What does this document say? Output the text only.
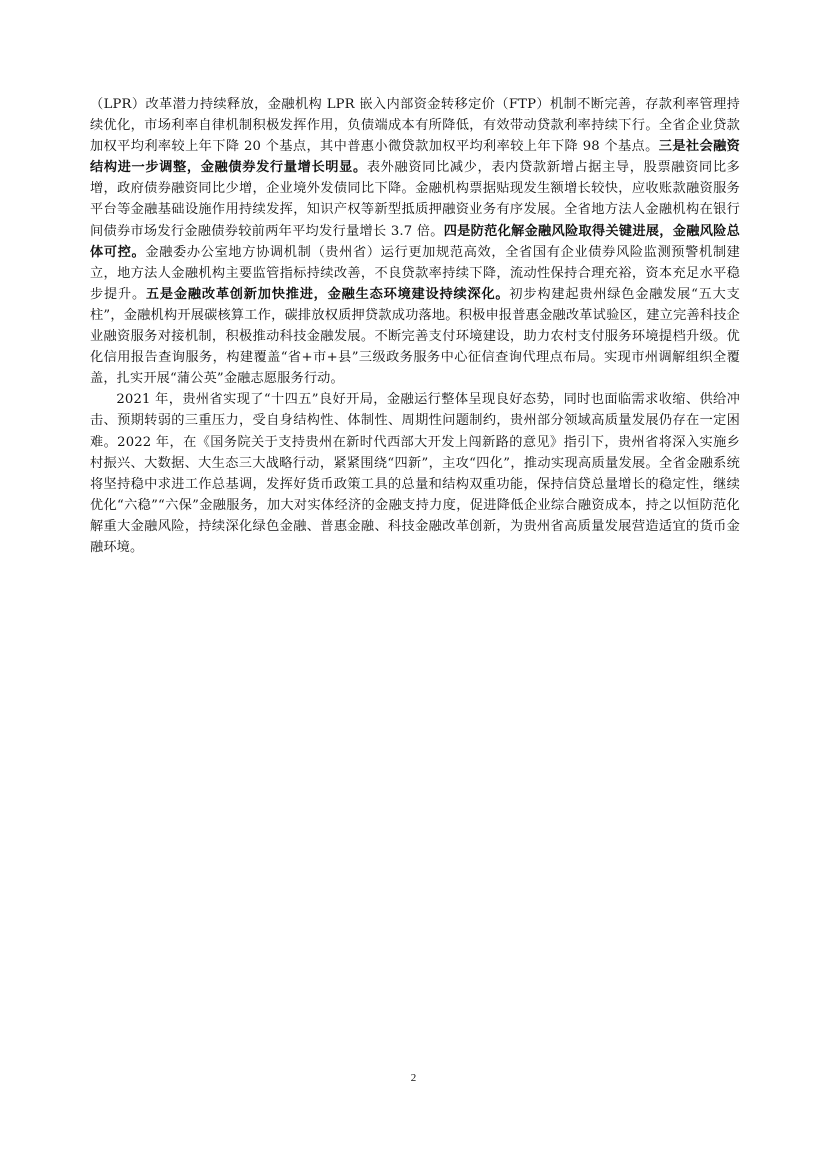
（LPR）改革潜力持续释放，金融机构 LPR 嵌入内部资金转移定价（FTP）机制不断完善，存款利率管理持续优化，市场利率自律机制积极发挥作用，负债端成本有所降低，有效带动贷款利率持续下行。全省企业贷款加权平均利率较上年下降 20 个基点，其中普惠小微贷款加权平均利率较上年下降 98 个基点。三是社会融资结构进一步调整，金融债券发行量增长明显。表外融资同比减少，表内贷款新增占据主导，股票融资同比多增，政府债券融资同比少增，企业境外发债同比下降。金融机构票据贴现发生额增长较快，应收账款融资服务平台等金融基础设施作用持续发挥，知识产权等新型抵质押融资业务有序发展。全省地方法人金融机构在银行间债券市场发行金融债券较前两年平均发行量增长 3.7 倍。四是防范化解金融风险取得关键进展，金融风险总体可控。金融委办公室地方协调机制（贵州省）运行更加规范高效，全省国有企业债券风险监测预警机制建立，地方法人金融机构主要监管指标持续改善，不良贷款率持续下降，流动性保持合理充裕，资本充足水平稳步提升。五是金融改革创新加快推进，金融生态环境建设持续深化。初步构建起贵州绿色金融发展“五大支柱”，金融机构开展碳核算工作，碳排放权质押贷款成功落地。积极申报普惠金融改革试验区，建立完善科技企业融资服务对接机制，积极推动科技金融发展。不断完善支付环境建设，助力农村支付服务环境提档升级。优化信用报告查询服务，构建覆盖“省+市+县”三级政务服务中心征信查询代理点布局。实现市州调解组织全覆盖，扎实开展“蒲公英”金融志愿服务行动。

2021 年，贵州省实现了“十四五”良好开局，金融运行整体呈现良好态势，同时也面临需求收缩、供给冲击、预期转弱的三重压力，受自身结构性、体制性、周期性问题制约，贵州部分领域高质量发展仍存在一定困难。2022 年，在《国务院关于支持贵州在新时代西部大开发上闯新路的意见》指引下，贵州省将深入实施乡村振兴、大数据、大生态三大战略行动，紧紧围绕“四新”，主攻“四化”，推动实现高质量发展。全省金融系统将坚持稳中求进工作总基调，发挥好货币政策工具的总量和结构双重功能，保持信贷总量增长的稳定性，继续优化“六稳”“六保”金融服务，加大对实体经济的金融支持力度，促进降低企业综合融资成本，持之以恒防范化解重大金融风险，持续深化绿色金融、普惠金融、科技金融改革创新，为贵州省高质量发展营造适宜的货币金融环境。

2
